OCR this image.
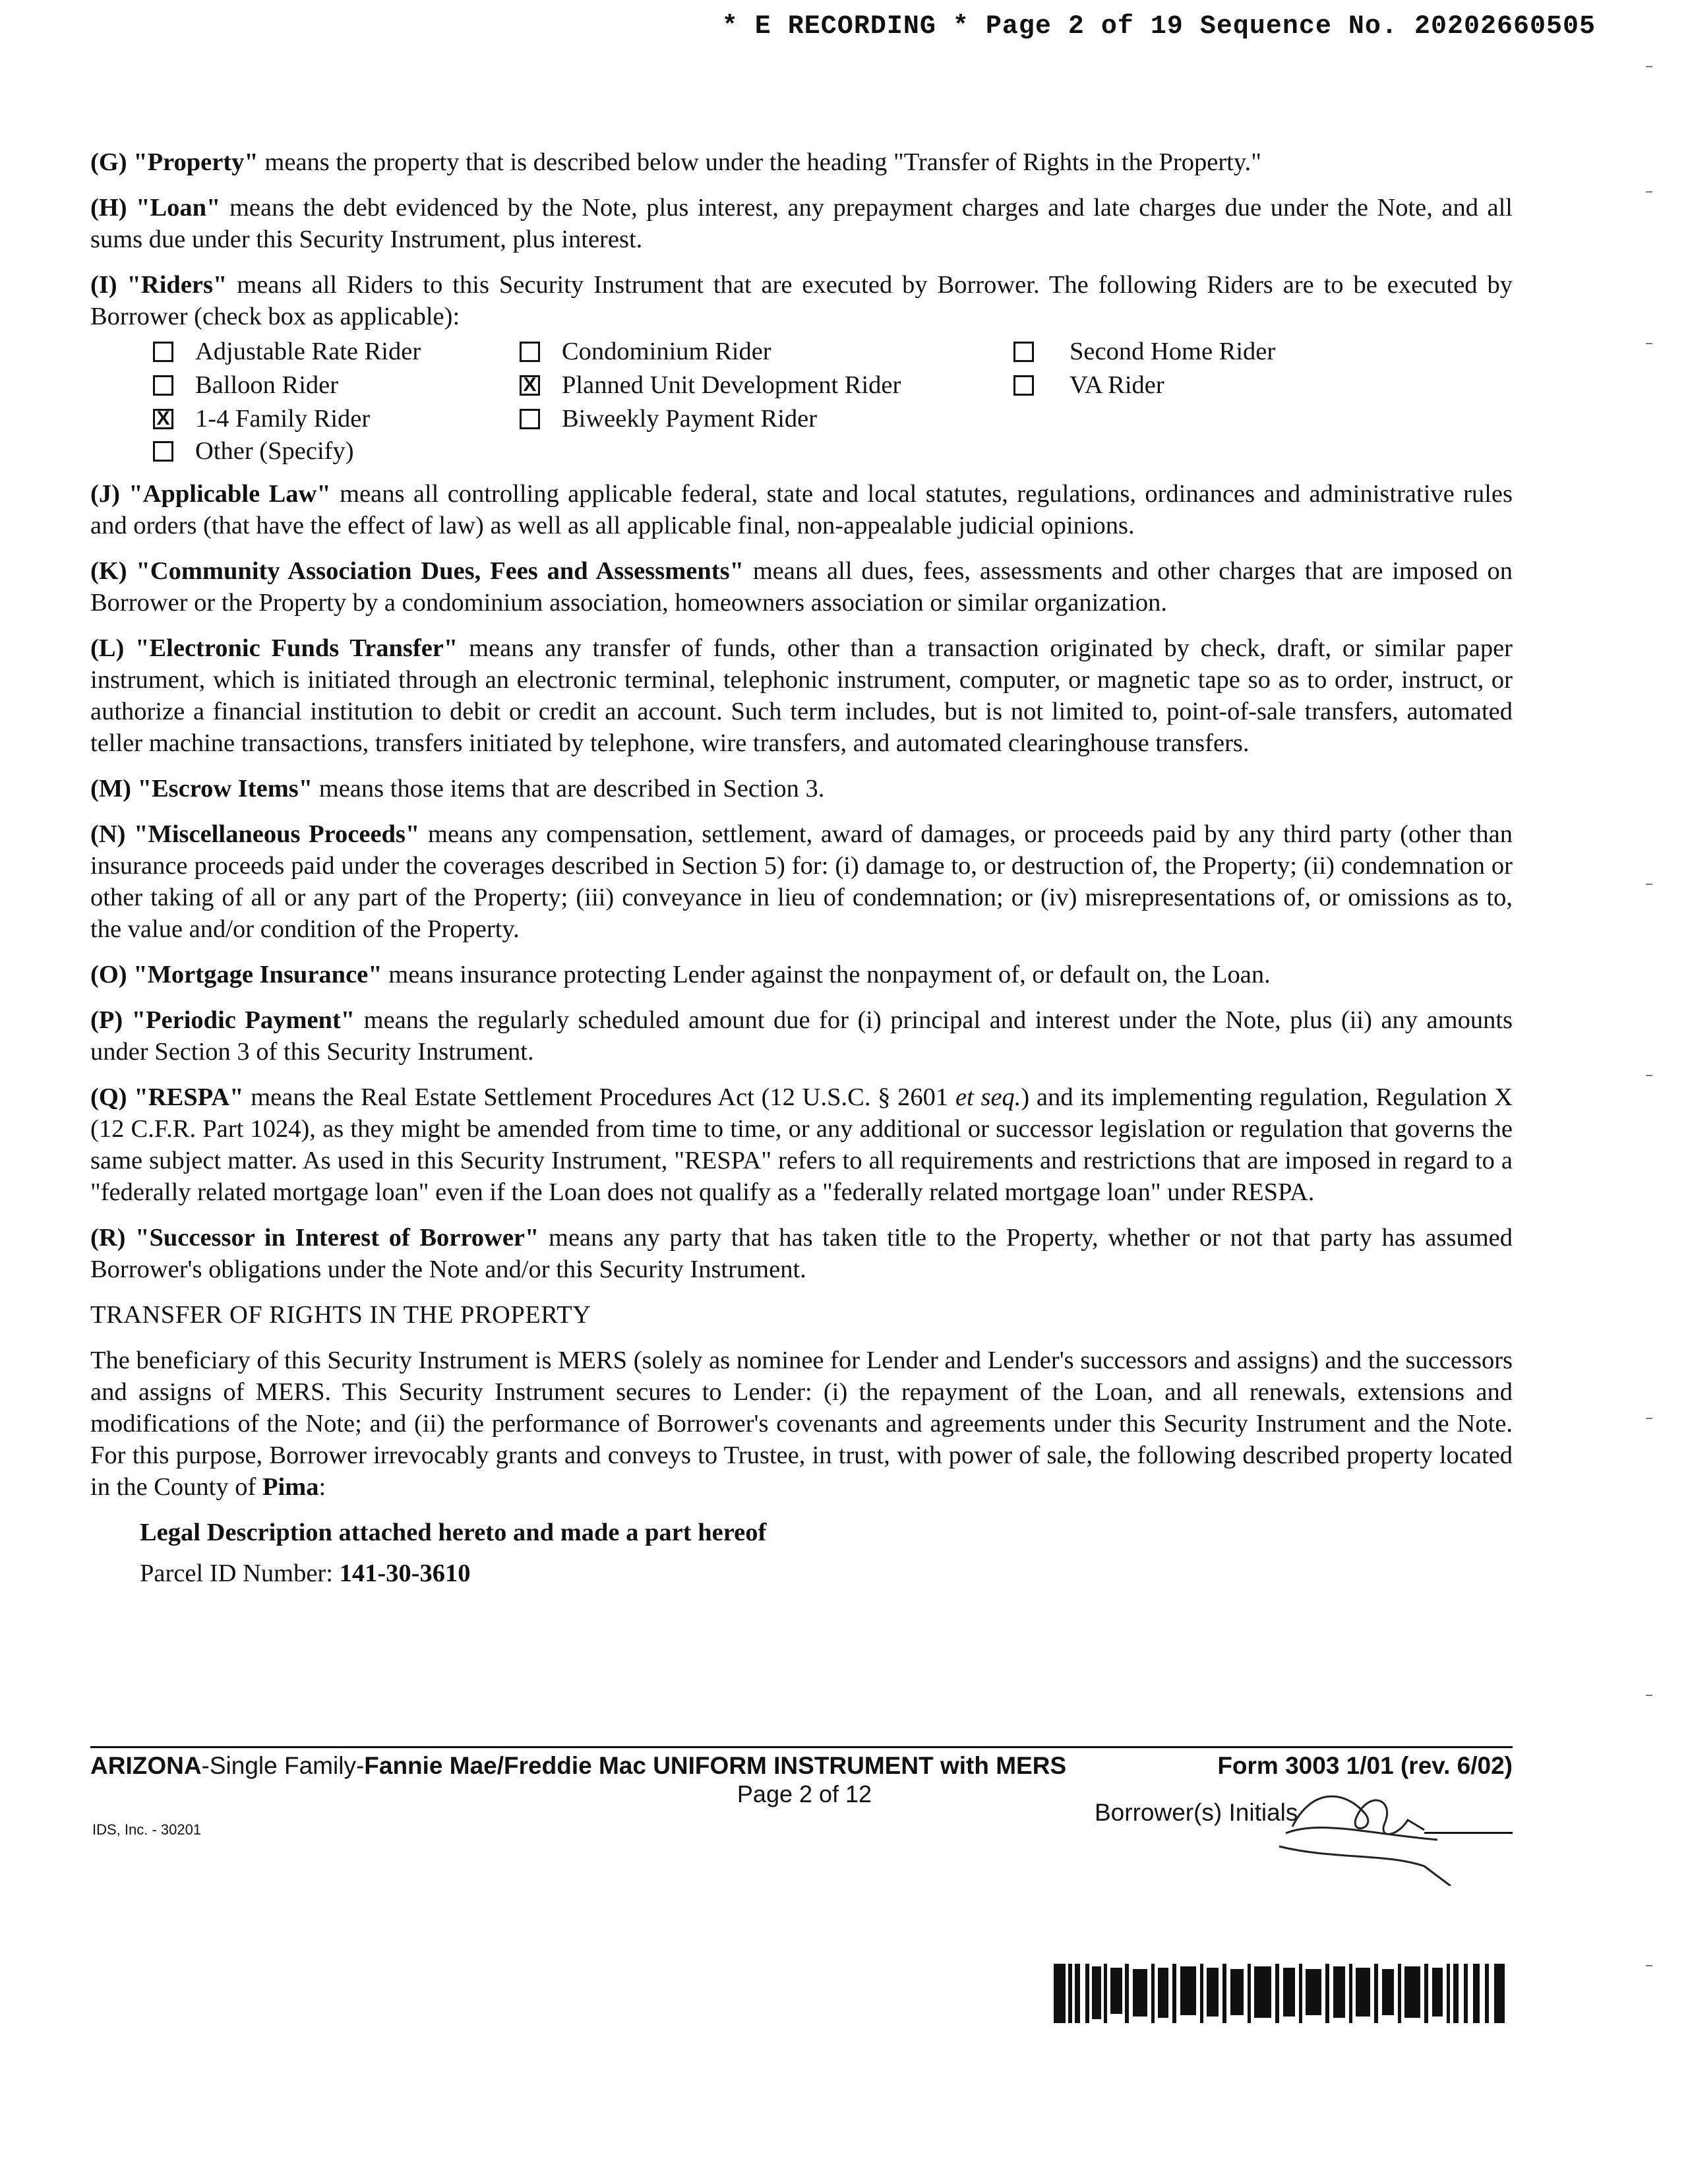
* E RECORDING * Page 2 of 19 Sequence No. 20202660505

(G) "Property" means the property that is described below under the heading "Transfer of Rights in the Property."

(H) "Loan" means the debt evidenced by the Note, plus interest, any prepayment charges and late charges due under the Note, and all sums due under this Security Instrument, plus interest.

(I) "Riders" means all Riders to this Security Instrument that are executed by Borrower. The following Riders are to be executed by Borrower (check box as applicable):

Adjustable Rate Rider	Condominium Rider	Second Home Rider
Balloon Rider	X Planned Unit Development Rider	VA Rider
X 1-4 Family Rider	Biweekly Payment Rider
Other (Specify)

(J) "Applicable Law" means all controlling applicable federal, state and local statutes, regulations, ordinances and administrative rules and orders (that have the effect of law) as well as all applicable final, non-appealable judicial opinions.

(K) "Community Association Dues, Fees and Assessments" means all dues, fees, assessments and other charges that are imposed on Borrower or the Property by a condominium association, homeowners association or similar organization.

(L) "Electronic Funds Transfer" means any transfer of funds, other than a transaction originated by check, draft, or similar paper instrument, which is initiated through an electronic terminal, telephonic instrument, computer, or magnetic tape so as to order, instruct, or authorize a financial institution to debit or credit an account. Such term includes, but is not limited to, point-of-sale transfers, automated teller machine transactions, transfers initiated by telephone, wire transfers, and automated clearinghouse transfers.

(M) "Escrow Items" means those items that are described in Section 3.

(N) "Miscellaneous Proceeds" means any compensation, settlement, award of damages, or proceeds paid by any third party (other than insurance proceeds paid under the coverages described in Section 5) for: (i) damage to, or destruction of, the Property; (ii) condemnation or other taking of all or any part of the Property; (iii) conveyance in lieu of condemnation; or (iv) misrepresentations of, or omissions as to, the value and/or condition of the Property.

(O) "Mortgage Insurance" means insurance protecting Lender against the nonpayment of, or default on, the Loan.

(P) "Periodic Payment" means the regularly scheduled amount due for (i) principal and interest under the Note, plus (ii) any amounts under Section 3 of this Security Instrument.

(Q) "RESPA" means the Real Estate Settlement Procedures Act (12 U.S.C. § 2601 et seq.) and its implementing regulation, Regulation X (12 C.F.R. Part 1024), as they might be amended from time to time, or any additional or successor legislation or regulation that governs the same subject matter. As used in this Security Instrument, "RESPA" refers to all requirements and restrictions that are imposed in regard to a "federally related mortgage loan" even if the Loan does not qualify as a "federally related mortgage loan" under RESPA.

(R) "Successor in Interest of Borrower" means any party that has taken title to the Property, whether or not that party has assumed Borrower's obligations under the Note and/or this Security Instrument.

TRANSFER OF RIGHTS IN THE PROPERTY

The beneficiary of this Security Instrument is MERS (solely as nominee for Lender and Lender's successors and assigns) and the successors and assigns of MERS. This Security Instrument secures to Lender: (i) the repayment of the Loan, and all renewals, extensions and modifications of the Note; and (ii) the performance of Borrower's covenants and agreements under this Security Instrument and the Note. For this purpose, Borrower irrevocably grants and conveys to Trustee, in trust, with power of sale, the following described property located in the County of Pima:

Legal Description attached hereto and made a part hereof

Parcel ID Number: 141-30-3610

ARIZONA-Single Family-Fannie Mae/Freddie Mac UNIFORM INSTRUMENT with MERS	Form 3003 1/01 (rev. 6/02)
Page 2 of 12
IDS, Inc. - 30201
Borrower(s) Initials
